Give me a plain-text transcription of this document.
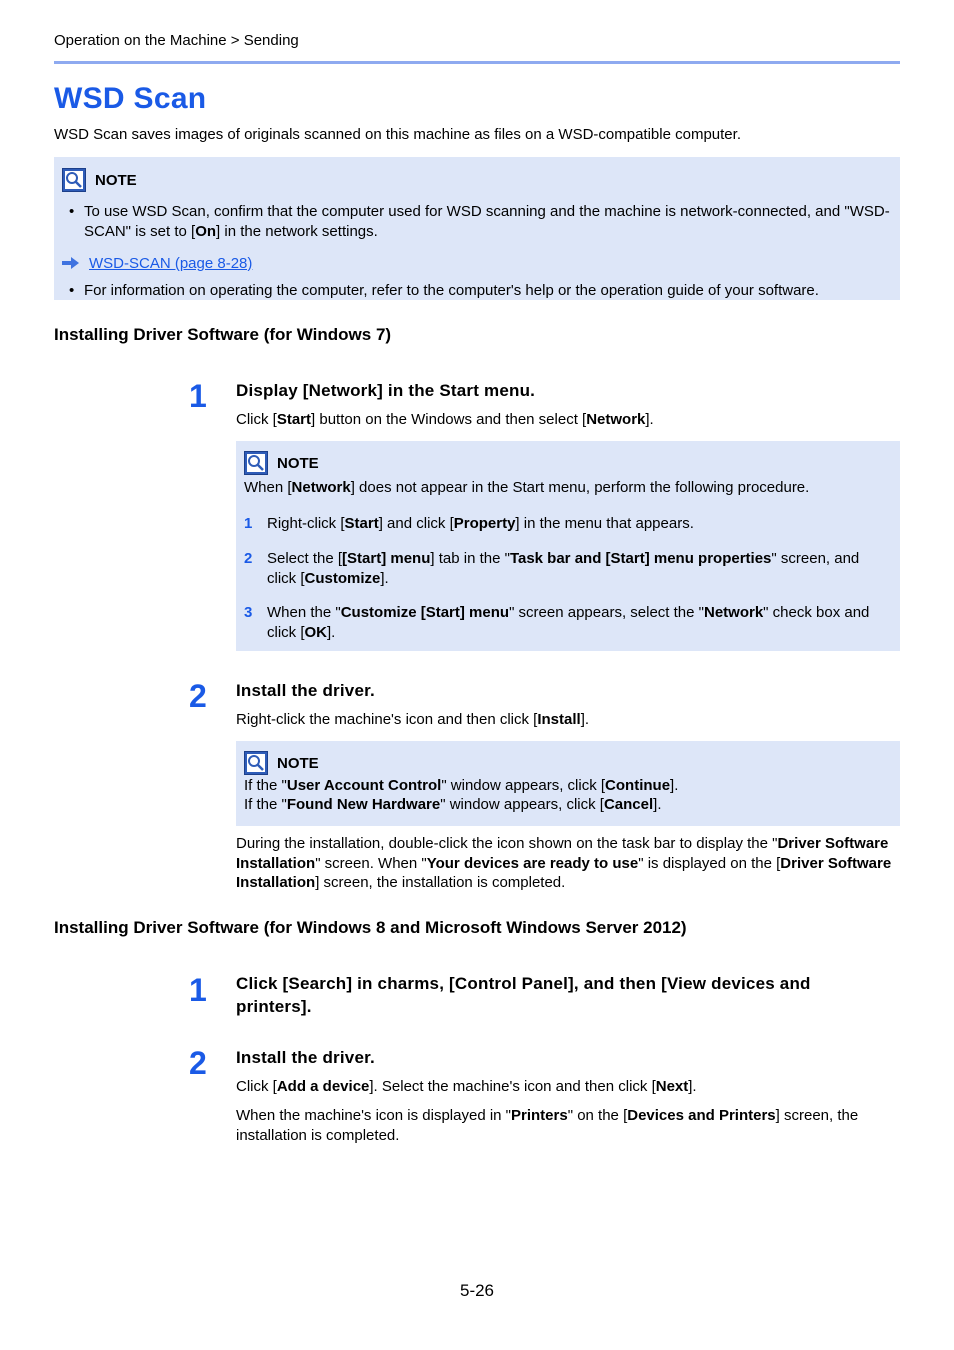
Operation on the Machine > Sending
WSD Scan
WSD Scan saves images of originals scanned on this machine as files on a WSD-compatible computer.
NOTE
• To use WSD Scan, confirm that the computer used for WSD scanning and the machine is network-connected, and "WSD-SCAN" is set to [On] in the network settings.
WSD-SCAN (page 8-28)
• For information on operating the computer, refer to the computer's help or the operation guide of your software.
Installing Driver Software (for Windows 7)
1 Display [Network] in the Start menu.
Click [Start] button on the Windows and then select [Network].
NOTE
When [Network] does not appear in the Start menu, perform the following procedure.
1 Right-click [Start] and click [Property] in the menu that appears.
2 Select the [[Start] menu] tab in the "Task bar and [Start] menu properties" screen, and click [Customize].
3 When the "Customize [Start] menu" screen appears, select the "Network" check box and click [OK].
2 Install the driver.
Right-click the machine's icon and then click [Install].
NOTE
If the "User Account Control" window appears, click [Continue].
If the "Found New Hardware" window appears, click [Cancel].
During the installation, double-click the icon shown on the task bar to display the "Driver Software Installation" screen. When "Your devices are ready to use" is displayed on the [Driver Software Installation] screen, the installation is completed.
Installing Driver Software (for Windows 8 and Microsoft Windows Server 2012)
1 Click [Search] in charms, [Control Panel], and then [View devices and printers].
2 Install the driver.
Click [Add a device]. Select the machine's icon and then click [Next].
When the machine's icon is displayed in "Printers" on the [Devices and Printers] screen, the installation is completed.
5-26
